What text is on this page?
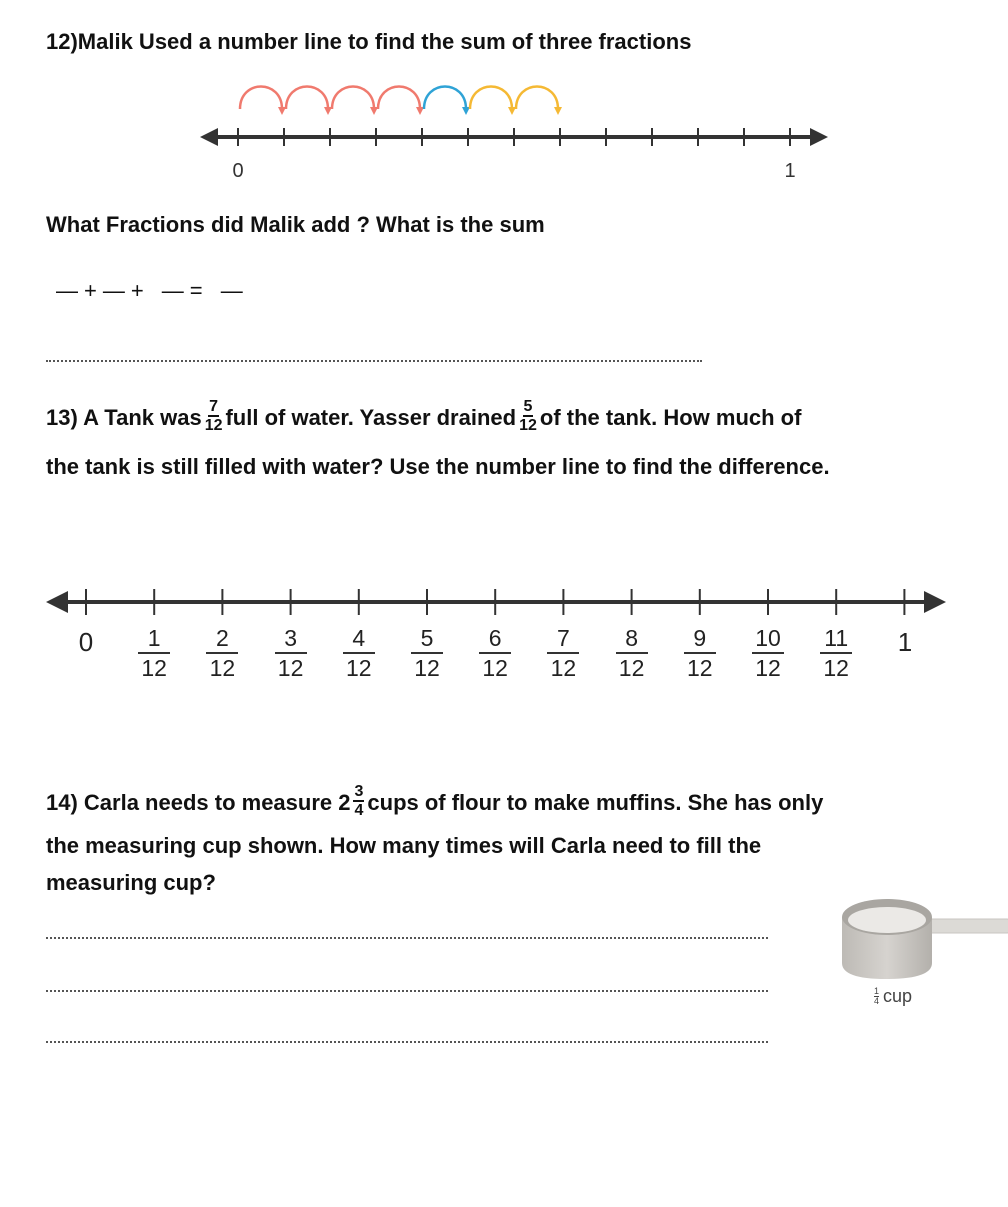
12)Malik Used a number line to find the sum of three fractions
0	1
What Fractions did Malik add ? What is the sum
—+—+ —= —
13) A Tank was $\frac{7}{12}$ full of water. Yasser drained $\frac{5}{12}$ of the tank. How much of
the tank is still filled with water? Use the number line to find the difference.
$0 \frac{1}{12} \frac{2}{12} \frac{3}{12} \frac{4}{12} \frac{5}{12} \frac{6}{12} \frac{7}{12} \frac{8}{12} \frac{9}{12} \frac{10}{12} \frac{11}{12} 1$
14) Carla needs to measure $2 \frac{3}{4}$ cups of flour to make muffins. She has only
the measuring cup shown. How many times will Carla need to fill the
measuring cup?
$\frac{1}{4}$ cup
